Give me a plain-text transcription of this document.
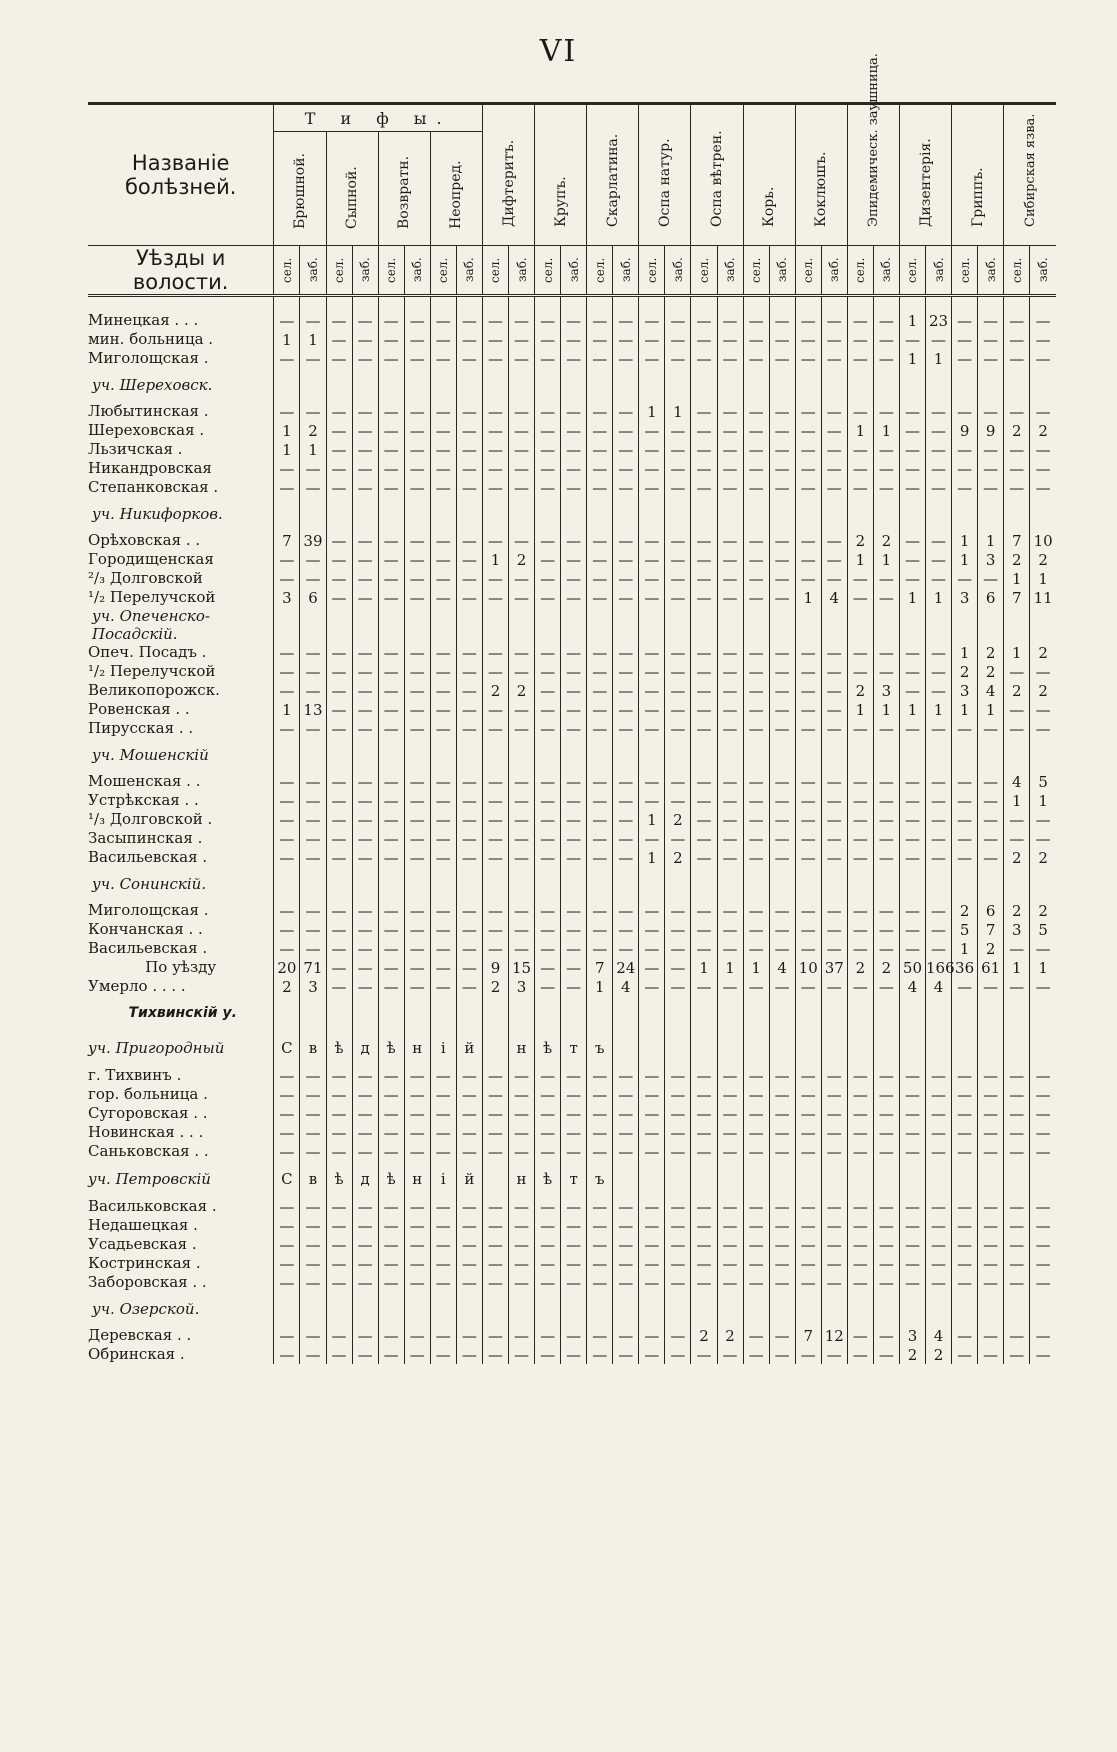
VI
Названіе болѣзней.	Т и ф ы.								Дифтеритъ.		Крупъ.		Скарлатина.		Оспа натур.		Оспа вѣтрен.		Корь.		Коклюшъ.		Эпидемическ. заушница.		Дизентерія.		Гриппъ.		Сибирская язва.	

	Брюшной.		Сыпной.		Возвратн.		Неопред.																							

Уѣзды и волости.	сел.	заб.	сел.	заб.	сел.	заб.	сел.	заб.	сел.	заб.	сел.	заб.	сел.	заб.	сел.	заб.	сел.	заб.	сел.	заб.	сел.	заб.	сел.	заб.	сел.	заб.	сел.	заб.	сел.	заб.

Минецкая . . .	—	—	—	—	—	—	—	—	—	—	—	—	—	—	—	—	—	—	—	—	—	—	—	—	1	23	—	—	—	—
мин. больница .	1	1	—	—	—	—	—	—	—	—	—	—	—	—	—	—	—	—	—	—	—	—	—	—	—	—	—	—	—	—
Миголощская .	—	—	—	—	—	—	—	—	—	—	—	—	—	—	—	—	—	—	—	—	—	—	—	—	1	1	—	—	—	—
уч. Шереховск.																														
Любытинская .	—	—	—	—	—	—	—	—	—	—	—	—	—	—	1	1	—	—	—	—	—	—	—	—	—	—	—	—	—	—
Шереховская .	1	2	—	—	—	—	—	—	—	—	—	—	—	—	—	—	—	—	—	—	—	—	1	1	—	—	9	9	2	2
Льзичская .	1	1	—	—	—	—	—	—	—	—	—	—	—	—	—	—	—	—	—	—	—	—	—	—	—	—	—	—	—	—
Никандровская	—	—	—	—	—	—	—	—	—	—	—	—	—	—	—	—	—	—	—	—	—	—	—	—	—	—	—	—	—	—
Степанковская .	—	—	—	—	—	—	—	—	—	—	—	—	—	—	—	—	—	—	—	—	—	—	—	—	—	—	—	—	—	—
уч. Никифорков.																														
Орѣховская . .	7	39	—	—	—	—	—	—	—	—	—	—	—	—	—	—	—	—	—	—	—	—	2	2	—	—	1	1	7	10
Городищенская	—	—	—	—	—	—	—	—	1	2	—	—	—	—	—	—	—	—	—	—	—	—	1	1	—	—	1	3	2	2
²/₃ Долговской	—	—	—	—	—	—	—	—	—	—	—	—	—	—	—	—	—	—	—	—	—	—	—	—	—	—	—	—	1	1
¹/₂ Перелучской	3	6	—	—	—	—	—	—	—	—	—	—	—	—	—	—	—	—	—	—	1	4	—	—	1	1	3	6	7	11
уч. Опеченско-Посадскій.																														
Опеч. Посадъ .	—	—	—	—	—	—	—	—	—	—	—	—	—	—	—	—	—	—	—	—	—	—	—	—	—	—	1	2	1	2
¹/₂ Перелучской	—	—	—	—	—	—	—	—	—	—	—	—	—	—	—	—	—	—	—	—	—	—	—	—	—	—	2	2	—	—
Великопорожск.	—	—	—	—	—	—	—	—	2	2	—	—	—	—	—	—	—	—	—	—	—	—	2	3	—	—	3	4	2	2
Ровенская . .	1	13	—	—	—	—	—	—	—	—	—	—	—	—	—	—	—	—	—	—	—	—	1	1	1	1	1	1	—	—
Пирусская . .	—	—	—	—	—	—	—	—	—	—	—	—	—	—	—	—	—	—	—	—	—	—	—	—	—	—	—	—	—	—
уч. Мошенскій																														
Мошенская . .	—	—	—	—	—	—	—	—	—	—	—	—	—	—	—	—	—	—	—	—	—	—	—	—	—	—	—	—	4	5
Устрѣкская . .	—	—	—	—	—	—	—	—	—	—	—	—	—	—	—	—	—	—	—	—	—	—	—	—	—	—	—	—	1	1
¹/₃ Долговской .	—	—	—	—	—	—	—	—	—	—	—	—	—	—	1	2	—	—	—	—	—	—	—	—	—	—	—	—	—	—
Засыпинская .	—	—	—	—	—	—	—	—	—	—	—	—	—	—	—	—	—	—	—	—	—	—	—	—	—	—	—	—	—	—
Васильевская .	—	—	—	—	—	—	—	—	—	—	—	—	—	—	1	2	—	—	—	—	—	—	—	—	—	—	—	—	2	2
уч. Сонинскій.																														
Миголощская .	—	—	—	—	—	—	—	—	—	—	—	—	—	—	—	—	—	—	—	—	—	—	—	—	—	—	2	6	2	2
Кончанская . .	—	—	—	—	—	—	—	—	—	—	—	—	—	—	—	—	—	—	—	—	—	—	—	—	—	—	5	7	3	5
Васильевская .	—	—	—	—	—	—	—	—	—	—	—	—	—	—	—	—	—	—	—	—	—	—	—	—	—	—	1	2	—	—
По уѣзду	20	71	—	—	—	—	—	—	9	15	—	—	7	24	—	—	1	1	1	4	10	37	2	2	50	166	36	61	1	1
Умерло . . . .	2	3	—	—	—	—	—	—	2	3	—	—	1	4	—	—	—	—	—	—	—	—	—	—	4	4	—	—	—	—
Тихвинскій у.																														
уч. Пригородный	С	в	ѣ	д	ѣ	н	і	й		н	ѣ	т	ъ																	
г. Тихвинъ .	—	—	—	—	—	—	—	—	—	—	—	—	—	—	—	—	—	—	—	—	—	—	—	—	—	—	—	—	—	—
гор. больница .	—	—	—	—	—	—	—	—	—	—	—	—	—	—	—	—	—	—	—	—	—	—	—	—	—	—	—	—	—	—
Сугоровская . .	—	—	—	—	—	—	—	—	—	—	—	—	—	—	—	—	—	—	—	—	—	—	—	—	—	—	—	—	—	—
Новинская . . .	—	—	—	—	—	—	—	—	—	—	—	—	—	—	—	—	—	—	—	—	—	—	—	—	—	—	—	—	—	—
Саньковская . .	—	—	—	—	—	—	—	—	—	—	—	—	—	—	—	—	—	—	—	—	—	—	—	—	—	—	—	—	—	—
уч. Петровскій	С	в	ѣ	д	ѣ	н	і	й		н	ѣ	т	ъ																	
Васильковская .	—	—	—	—	—	—	—	—	—	—	—	—	—	—	—	—	—	—	—	—	—	—	—	—	—	—	—	—	—	—
Недашецкая .	—	—	—	—	—	—	—	—	—	—	—	—	—	—	—	—	—	—	—	—	—	—	—	—	—	—	—	—	—	—
Усадьевская .	—	—	—	—	—	—	—	—	—	—	—	—	—	—	—	—	—	—	—	—	—	—	—	—	—	—	—	—	—	—
Костринская .	—	—	—	—	—	—	—	—	—	—	—	—	—	—	—	—	—	—	—	—	—	—	—	—	—	—	—	—	—	—
Заборовская . .	—	—	—	—	—	—	—	—	—	—	—	—	—	—	—	—	—	—	—	—	—	—	—	—	—	—	—	—	—	—
уч. Озерской.																														
Деревская . .	—	—	—	—	—	—	—	—	—	—	—	—	—	—	—	—	2	2	—	—	7	12	—	—	3	4	—	—	—	—
Обринская .	—	—	—	—	—	—	—	—	—	—	—	—	—	—	—	—	—	—	—	—	—	—	—	—	2	2	—	—	—	—
